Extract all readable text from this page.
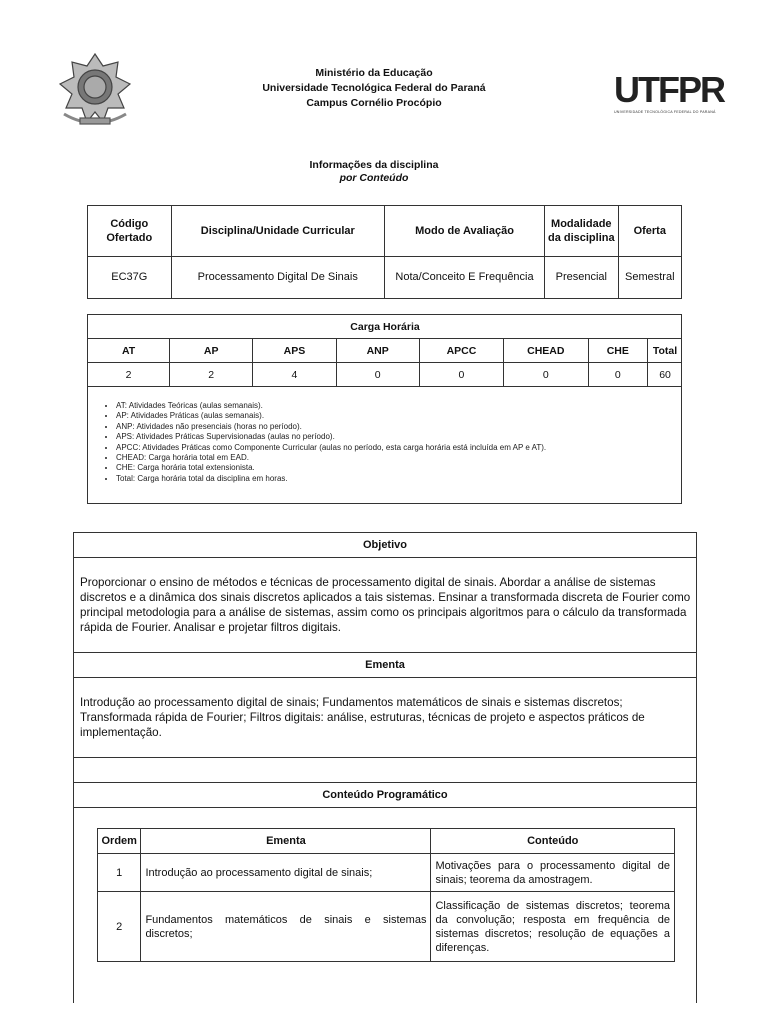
Ministério da Educação
Universidade Tecnológica Federal do Paraná
Campus Cornélio Procópio	UTFPR
UNIVERSIDADE TECNOLÓGICA FEDERAL DO PARANÁ
Informações da disciplina
por Conteúdo
Código Ofertado	Disciplina/Unidade Curricular	Modo de Avaliação	Modalidade da disciplina	Oferta
EC37G	Processamento Digital De Sinais	Nota/Conceito E Frequência	Presencial	Semestral
Carga Horária							
AT	AP	APS	ANP	APCC	CHEAD	CHE	Total
2	2	4	0	0	0	0	60
• AT: Atividades Teóricas (aulas semanais).
• AP: Atividades Práticas (aulas semanais).
• ANP: Atividades não presenciais (horas no período).
• APS: Atividades Práticas Supervisionadas (aulas no período).
• APCC: Atividades Práticas como Componente Curricular (aulas no período, esta carga horária está incluída em AP e AT).
• CHEAD: Carga horária total em EAD.
• CHE: Carga horária total extensionista.
• Total: Carga horária total da disciplina em horas.
Objetivo
Proporcionar o ensino de métodos e técnicas de processamento digital de sinais. Abordar a análise de sistemas discretos e a dinâmica dos sinais discretos aplicados a tais sistemas. Ensinar a transformada discreta de Fourier como principal metodologia para a análise de sistemas, assim como os principais algoritmos para o cálculo da transformada rápida de Fourier. Analisar e projetar filtros digitais.
Ementa
Introdução ao processamento digital de sinais; Fundamentos matemáticos de sinais e sistemas discretos; Transformada rápida de Fourier; Filtros digitais: análise, estruturas, técnicas de projeto e aspectos práticos de implementação.
Conteúdo Programático
Ordem	Ementa	Conteúdo
1	Introdução ao processamento digital de sinais;	Motivações para o processamento digital de sinais; teorema da amostragem.
2	Fundamentos matemáticos de sinais e sistemas discretos;	Classificação de sistemas discretos; teorema da convolução; resposta em frequência de sistemas discretos; resolução de equações a diferenças.
